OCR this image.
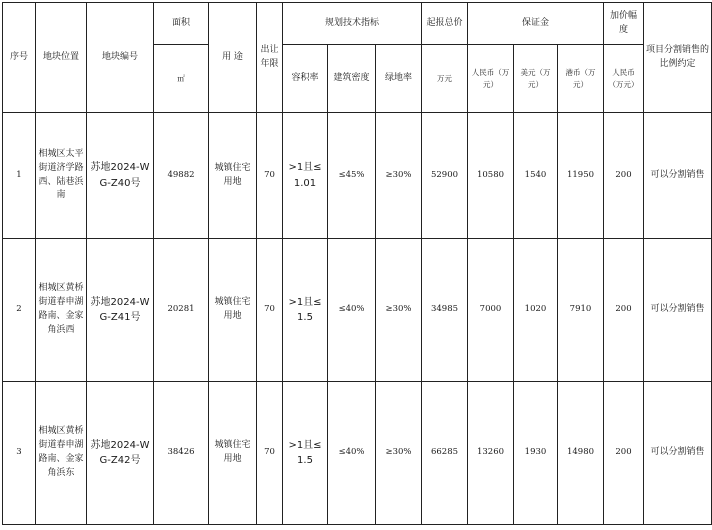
序号	地块位置	地块编号	面积	用 途	出让年限	规划技术指标			起报总价	保证金			加价幅度	项目分割销售的比例约定
			㎡			容积率	建筑密度	绿地率	万元	人民币（万元）	美元（万元）	港币（万元）	人民币（万元）	
1	相城区太平街道济学路西、陆巷浜南	苏地2024-WG-Z40号	49882	城镇住宅用地	70	>1且≤1.01	≤45%	≥30%	52900	10580	1540	11950	200	可以分割销售
2	相城区黄桥街道春申湖路南、金家角浜西	苏地2024-WG-Z41号	20281	城镇住宅用地	70	>1且≤1.5	≤40%	≥30%	34985	7000	1020	7910	200	可以分割销售
3	相城区黄桥街道春申湖路南、金家角浜东	苏地2024-WG-Z42号	38426	城镇住宅用地	70	>1且≤1.5	≤40%	≥30%	66285	13260	1930	14980	200	可以分割销售
